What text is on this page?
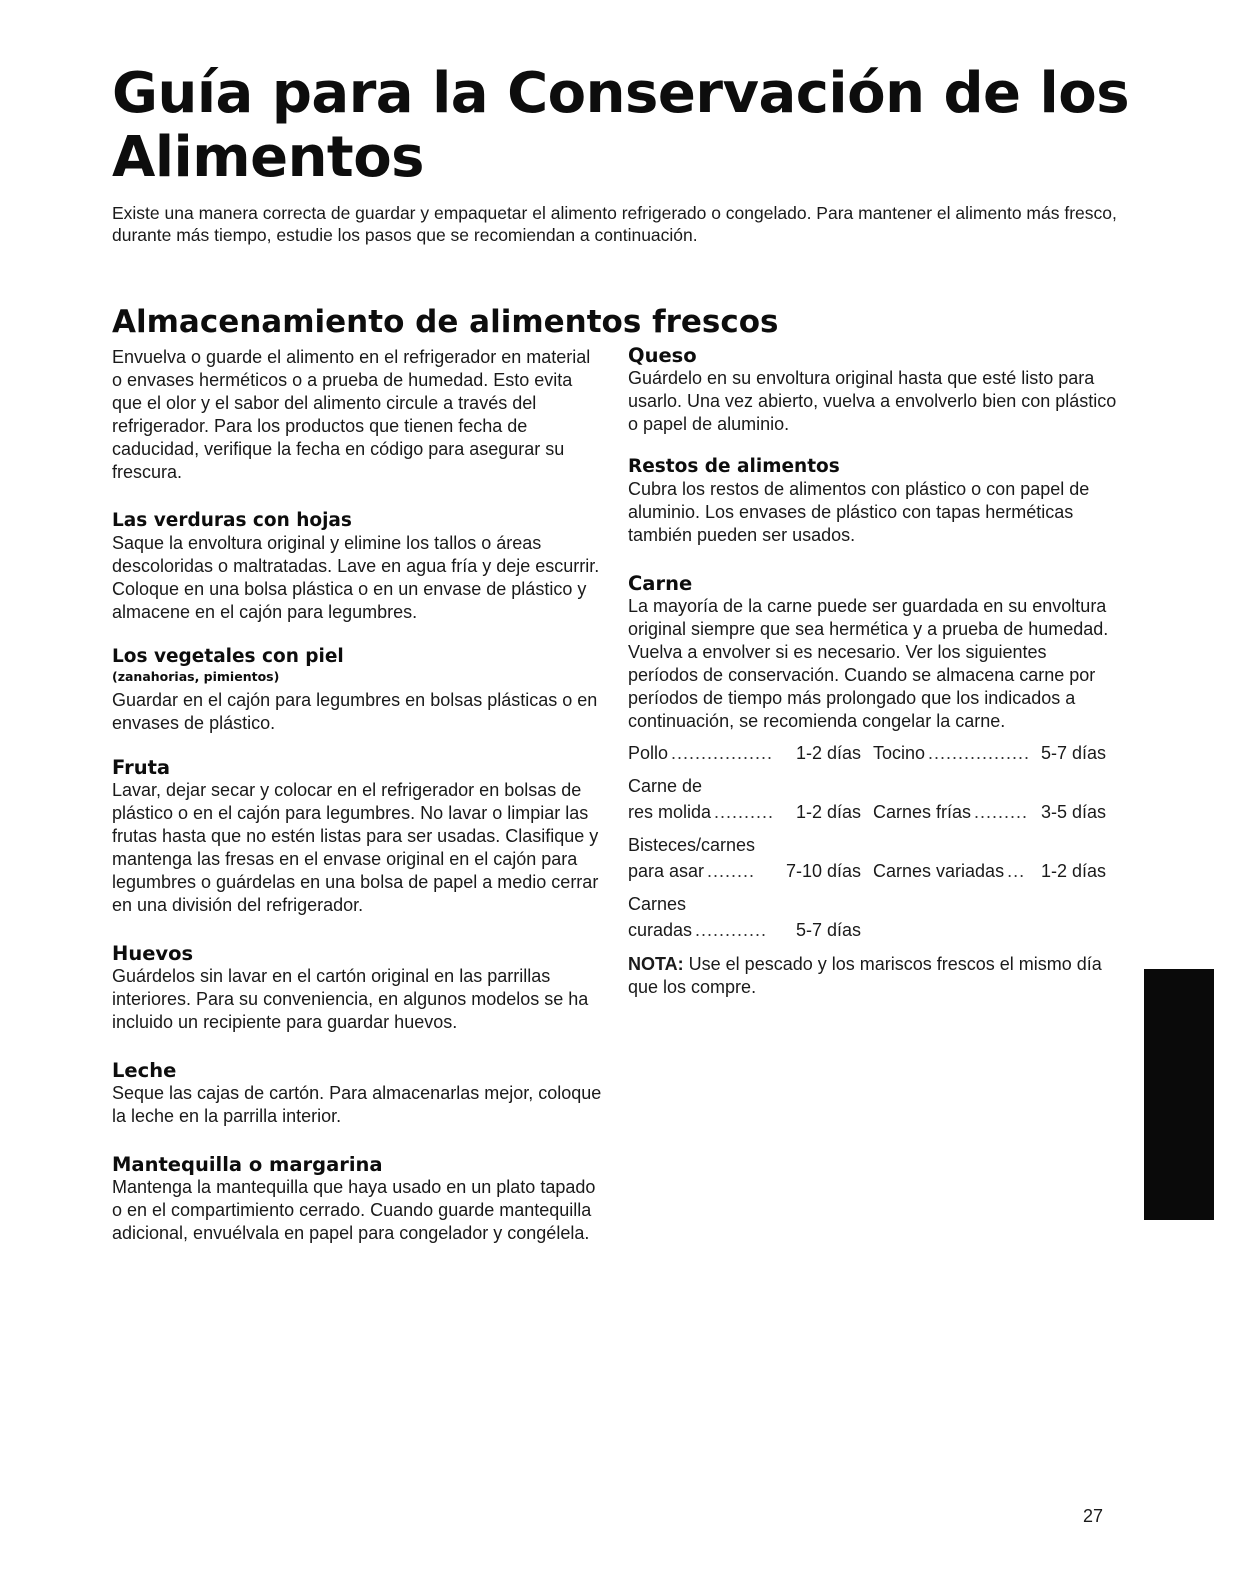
Guía para la Conservación de los Alimentos

Existe una manera correcta de guardar y empaquetar el alimento refrigerado o congelado. Para mantener el alimento más fresco, durante más tiempo, estudie los pasos que se recomiendan a continuación.

Almacenamiento de alimentos frescos

Envuelva o guarde el alimento en el refrigerador en material o envases herméticos o a prueba de humedad. Esto evita que el olor y el sabor del alimento circule a través del refrigerador. Para los productos que tienen fecha de caducidad, verifique la fecha en código para asegurar su frescura.

Las verduras con hojas

Saque la envoltura original y elimine los tallos o áreas descoloridas o maltratadas. Lave en agua fría y deje escurrir. Coloque en una bolsa plástica o en un envase de plástico y almacene en el cajón para legumbres.

Los vegetales con piel

(zanahorias, pimientos)

Guardar en el cajón para legumbres en bolsas plásticas o en envases de plástico.

Fruta

Lavar, dejar secar y colocar en el refrigerador en bolsas de plástico o en el cajón para legumbres. No lavar o limpiar las frutas hasta que no estén listas para ser usadas. Clasifique y mantenga las fresas en el envase original en el cajón para legumbres o guárdelas en una bolsa de papel a medio cerrar en una división del refrigerador.

Huevos

Guárdelos sin lavar en el cartón original en las parrillas interiores. Para su conveniencia, en algunos modelos se ha incluido un recipiente para guardar huevos.

Leche

Seque las cajas de cartón. Para almacenarlas mejor, coloque la leche en la parrilla interior.

Mantequilla o margarina

Mantenga la mantequilla que haya usado en un plato tapado o en el compartimiento cerrado. Cuando guarde mantequilla adicional, envuélvala en papel para congelador y congélela.

Queso

Guárdelo en su envoltura original hasta que esté listo para usarlo. Una vez abierto, vuelva a envolverlo bien con plástico o papel de aluminio.

Restos de alimentos

Cubra los restos de alimentos con plástico o con papel de aluminio. Los envases de plástico con tapas herméticas también pueden ser usados.

Carne

La mayoría de la carne puede ser guardada en su envoltura original siempre que sea hermética y a prueba de humedad. Vuelva a envolver si es necesario. Ver los siguientes períodos de conservación. Cuando se almacena carne por períodos de tiempo más prolongado que los indicados a continuación, se recomienda congelar la carne.

Pollo .................	1-2 días Tocino ................. 5-7 días
Carne de
res molida ..........	1-2 días Carnes frías ......... 3-5 días
Bisteces/carnes
para asar ........	7-10 días Carnes variadas ... 1-2 días
Carnes
curadas ............	5-7 días

NOTA: Use el pescado y los mariscos frescos el mismo día que los compre.

27
